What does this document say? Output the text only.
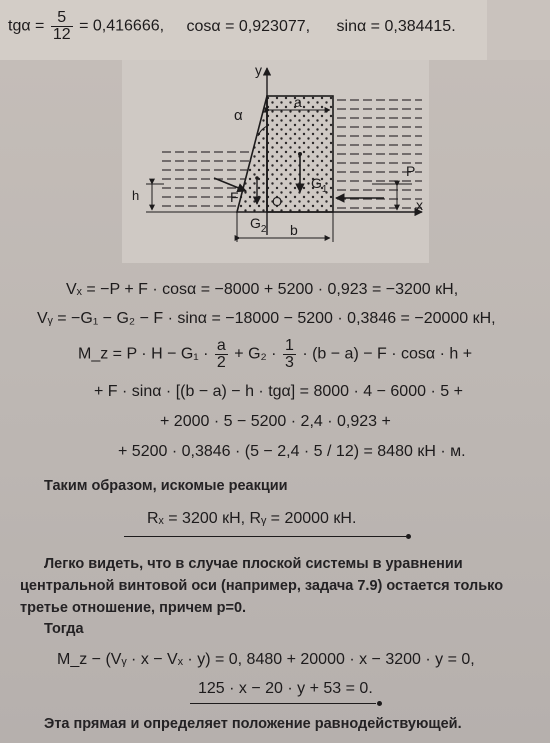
$tg\alpha = \frac{5}{12} = 0,416666$, cosα = 0,923077, sinα = 0,384415.
a
b
α
h	F
$G_2$
$G_1$
O
P
y
x
Vₓ = −P + F · cosα = −8000 + 5200 · 0,923 = −3200 кН,
Vᵧ = −G₁ − G₂ − F · sinα = −18000 − 5200 · 0,3846 = −20000 кН,
M_z = $P \cdot H - G_1 \cdot \frac{a}{2} + G_2 \cdot \frac{1}{3} \cdot (b - a) - F \cdot \cos\alpha \cdot h$ +
+ F · sinα · [(b − a) − h · tgα] = 8000 · 4 − 6000 · 5 +
+ 2000 · 5 − 5200 · 2,4 · 0,923 +
+ 5200 · 0,3846 · (5 − 2,4 · 5 / 12) = 8480 кН · м.
Таким образом, искомые реакции
Rₓ = 3200 кН, Rᵧ = 20000 кН.
Легко видеть, что в случае плоской системы в уравнении
центральной винтовой оси (например, задача 7.9) остается только
третье отношение, причем p=0.
Тогда
M_z − (Vᵧ · x − Vₓ · y) = 0, 8480 + 20000 · x − 3200 · y = 0,
125 · x − 20 · y + 53 = 0.
Эта прямая и определяет положение равнодействующей.
